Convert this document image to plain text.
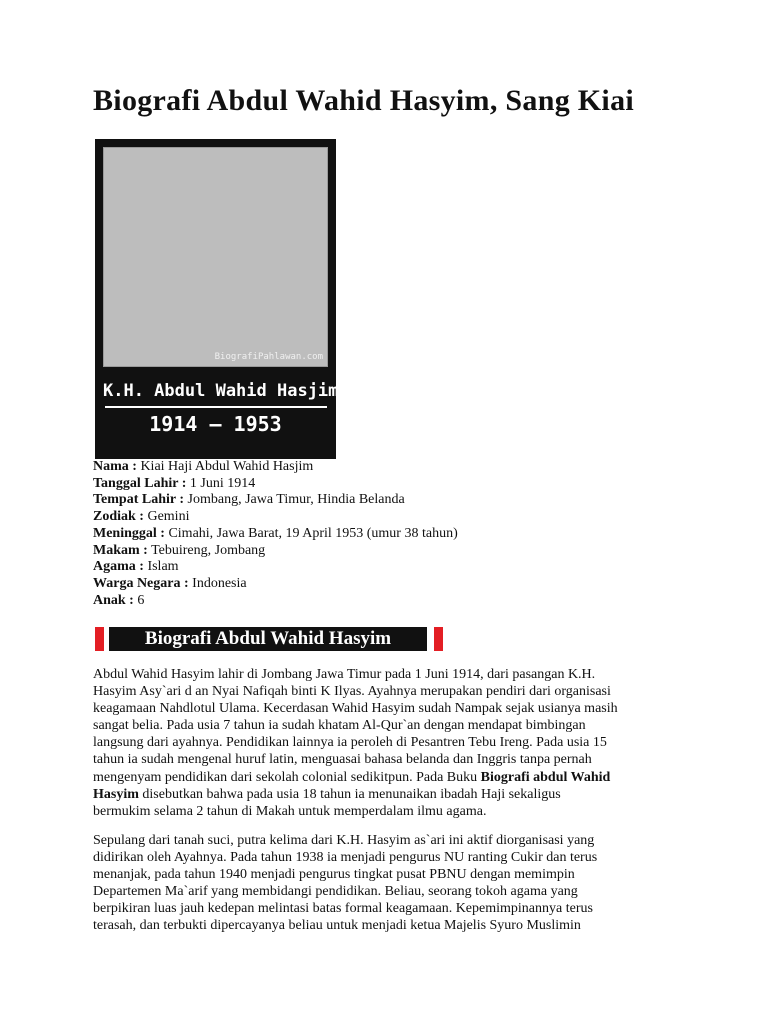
Biografi Abdul Wahid Hasyim, Sang Kiai
BiografiPahlawan.com
K.H. Abdul Wahid Hasjim
1914 – 1953
Nama : Kiai Haji Abdul Wahid Hasjim
Tanggal Lahir : 1 Juni 1914
Tempat Lahir : Jombang, Jawa Timur, Hindia Belanda
Zodiak : Gemini
Meninggal : Cimahi, Jawa Barat, 19 April 1953 (umur 38 tahun)
Makam : Tebuireng, Jombang
Agama : Islam
Warga Negara : Indonesia
Anak : 6
Biografi Abdul Wahid Hasyim

Abdul Wahid Hasyim lahir di Jombang Jawa Timur pada 1 Juni 1914, dari pasangan K.H.
Hasyim Asy`ari d an Nyai Nafiqah binti K Ilyas. Ayahnya merupakan pendiri dari organisasi
keagamaan Nahdlotul Ulama. Kecerdasan Wahid Hasyim sudah Nampak sejak usianya masih
sangat belia. Pada usia 7 tahun ia sudah khatam Al-Qur`an dengan mendapat bimbingan
langsung dari ayahnya. Pendidikan lainnya ia peroleh di Pesantren Tebu Ireng. Pada usia 15
tahun ia sudah mengenal huruf latin, menguasai bahasa belanda dan Inggris tanpa pernah
mengenyam pendidikan dari sekolah colonial sedikitpun. Pada Buku Biografi abdul Wahid
Hasyim disebutkan bahwa pada usia 18 tahun ia menunaikan ibadah Haji sekaligus
bermukim selama 2 tahun di Makah untuk memperdalam ilmu agama.

Sepulang dari tanah suci, putra kelima dari K.H. Hasyim as`ari ini aktif diorganisasi yang
didirikan oleh Ayahnya. Pada tahun 1938 ia menjadi pengurus NU ranting Cukir dan terus
menanjak, pada tahun 1940 menjadi pengurus tingkat pusat PBNU dengan memimpin
Departemen Ma`arif yang membidangi pendidikan. Beliau, seorang tokoh agama yang
berpikiran luas jauh kedepan melintasi batas formal keagamaan. Kepemimpinannya terus
terasah, dan terbukti dipercayanya beliau untuk menjadi ketua Majelis Syuro Muslimin
